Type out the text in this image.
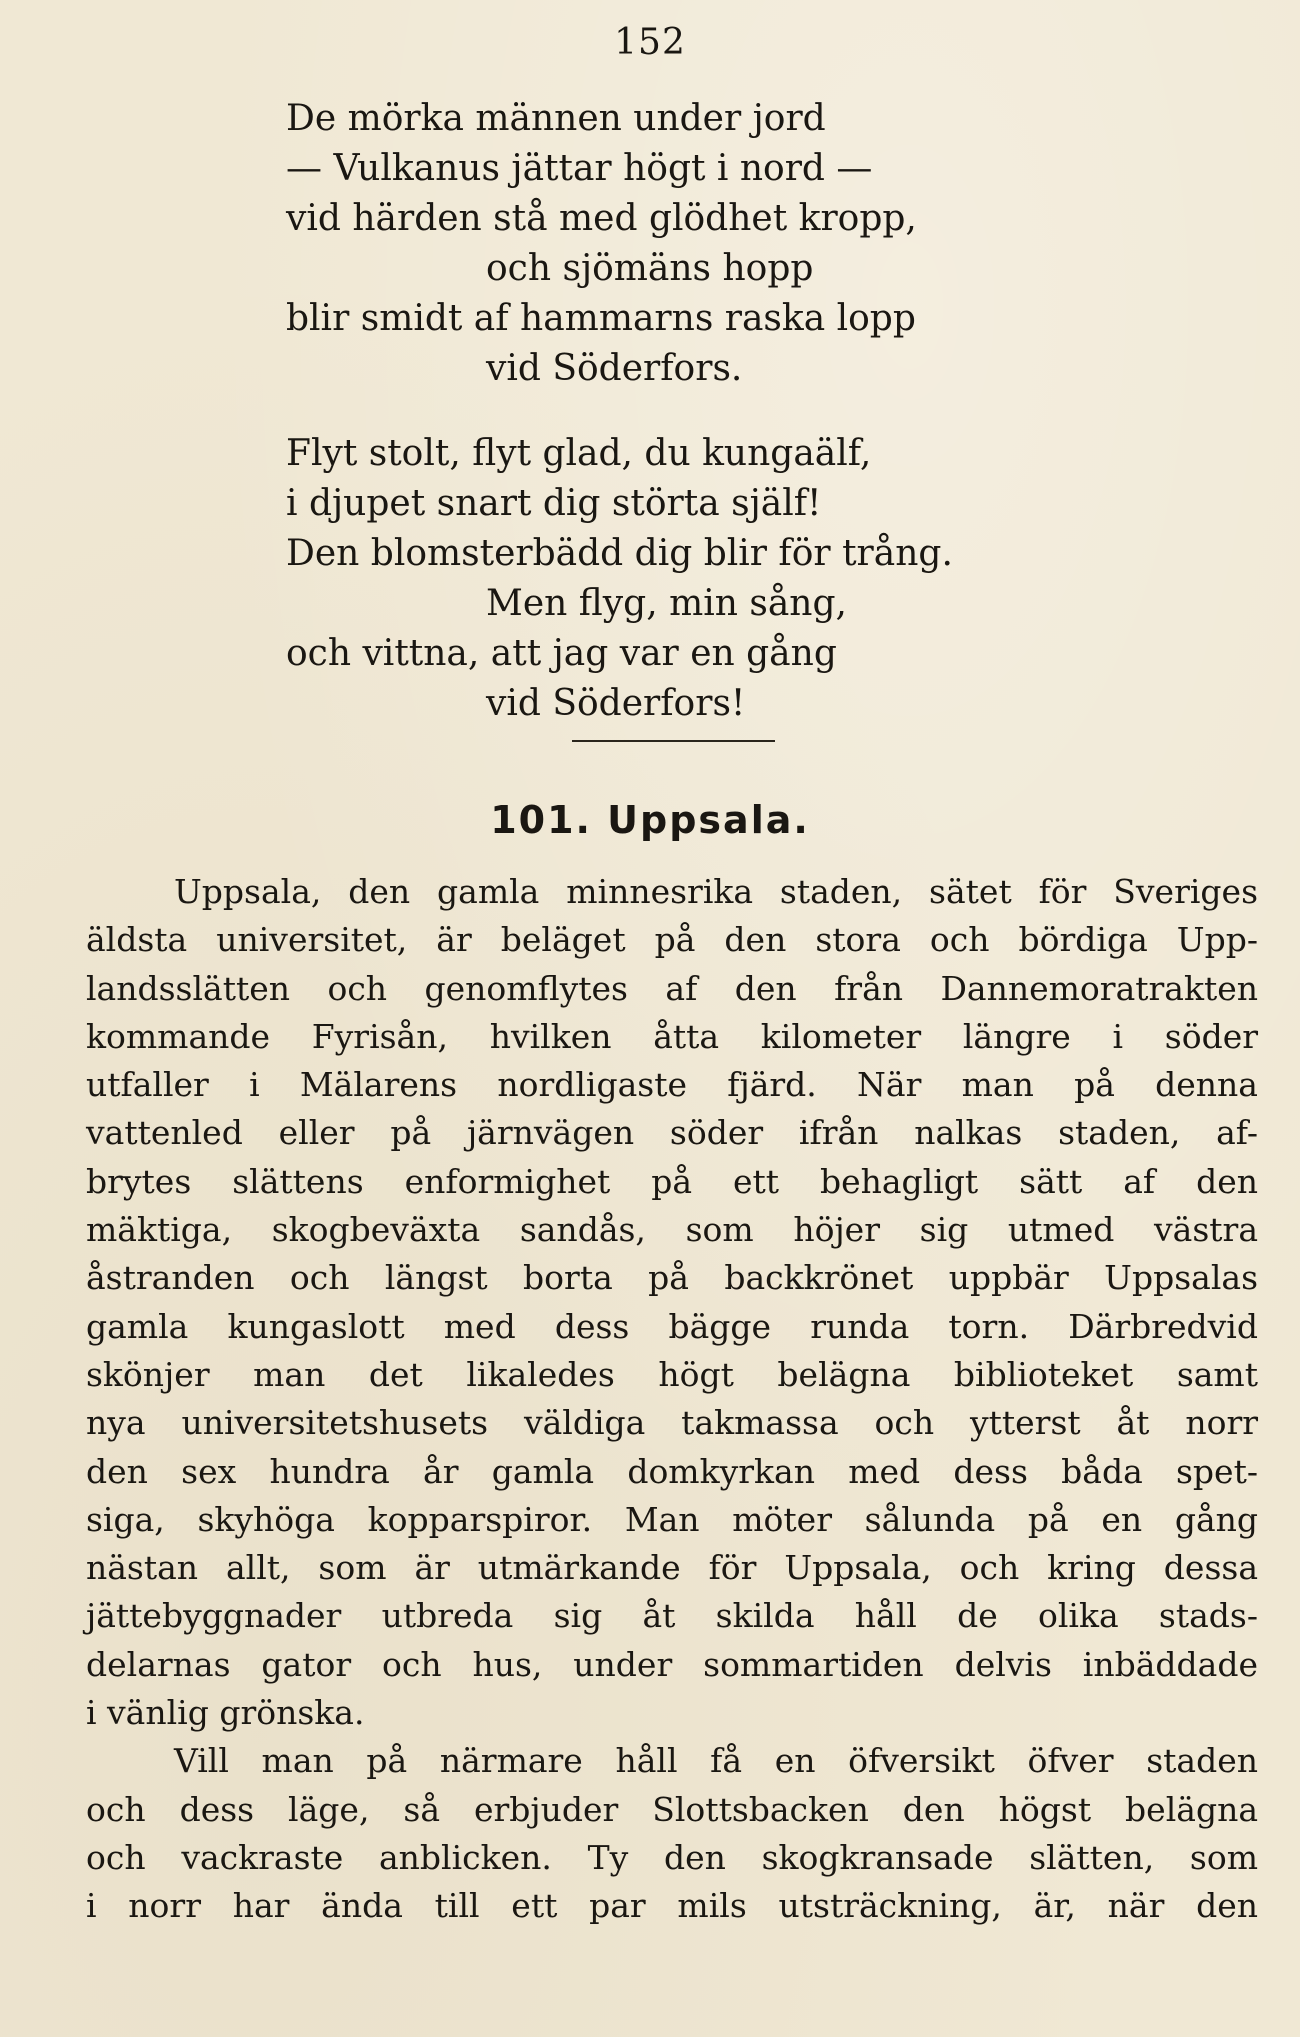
152
De mörka männen under jord
— Vulkanus jättar högt i nord —
vid härden stå med glödhet kropp,
och sjömäns hopp
blir smidt af hammarns raska lopp
vid Söderfors.
Flyt stolt, flyt glad, du kungaälf,
i djupet snart dig störta själf!
Den blomsterbädd dig blir för trång.
Men flyg, min sång,
och vittna, att jag var en gång
vid Söderfors!
101. Uppsala.
Uppsala, den gamla minnesrika staden, sätet för Sveriges
äldsta universitet, är beläget på den stora och bördiga Upp-
landsslätten och genomflytes af den från Dannemoratrakten
kommande Fyrisån, hvilken åtta kilometer längre i söder
utfaller i Mälarens nordligaste fjärd. När man på denna
vattenled eller på järnvägen söder ifrån nalkas staden, af-
brytes slättens enformighet på ett behagligt sätt af den
mäktiga, skogbeväxta sandås, som höjer sig utmed västra
åstranden och längst borta på backkrönet uppbär Uppsalas
gamla kungaslott med dess bägge runda torn. Därbredvid
skönjer man det likaledes högt belägna biblioteket samt
nya universitetshusets väldiga takmassa och ytterst åt norr
den sex hundra år gamla domkyrkan med dess båda spet-
siga, skyhöga kopparspiror. Man möter sålunda på en gång
nästan allt, som är utmärkande för Uppsala, och kring dessa
jättebyggnader utbreda sig åt skilda håll de olika stads-
delarnas gator och hus, under sommartiden delvis inbäddade
i vänlig grönska.
Vill man på närmare håll få en öfversikt öfver staden
och dess läge, så erbjuder Slottsbacken den högst belägna
och vackraste anblicken. Ty den skogkransade slätten, som
i norr har ända till ett par mils utsträckning, är, när den
